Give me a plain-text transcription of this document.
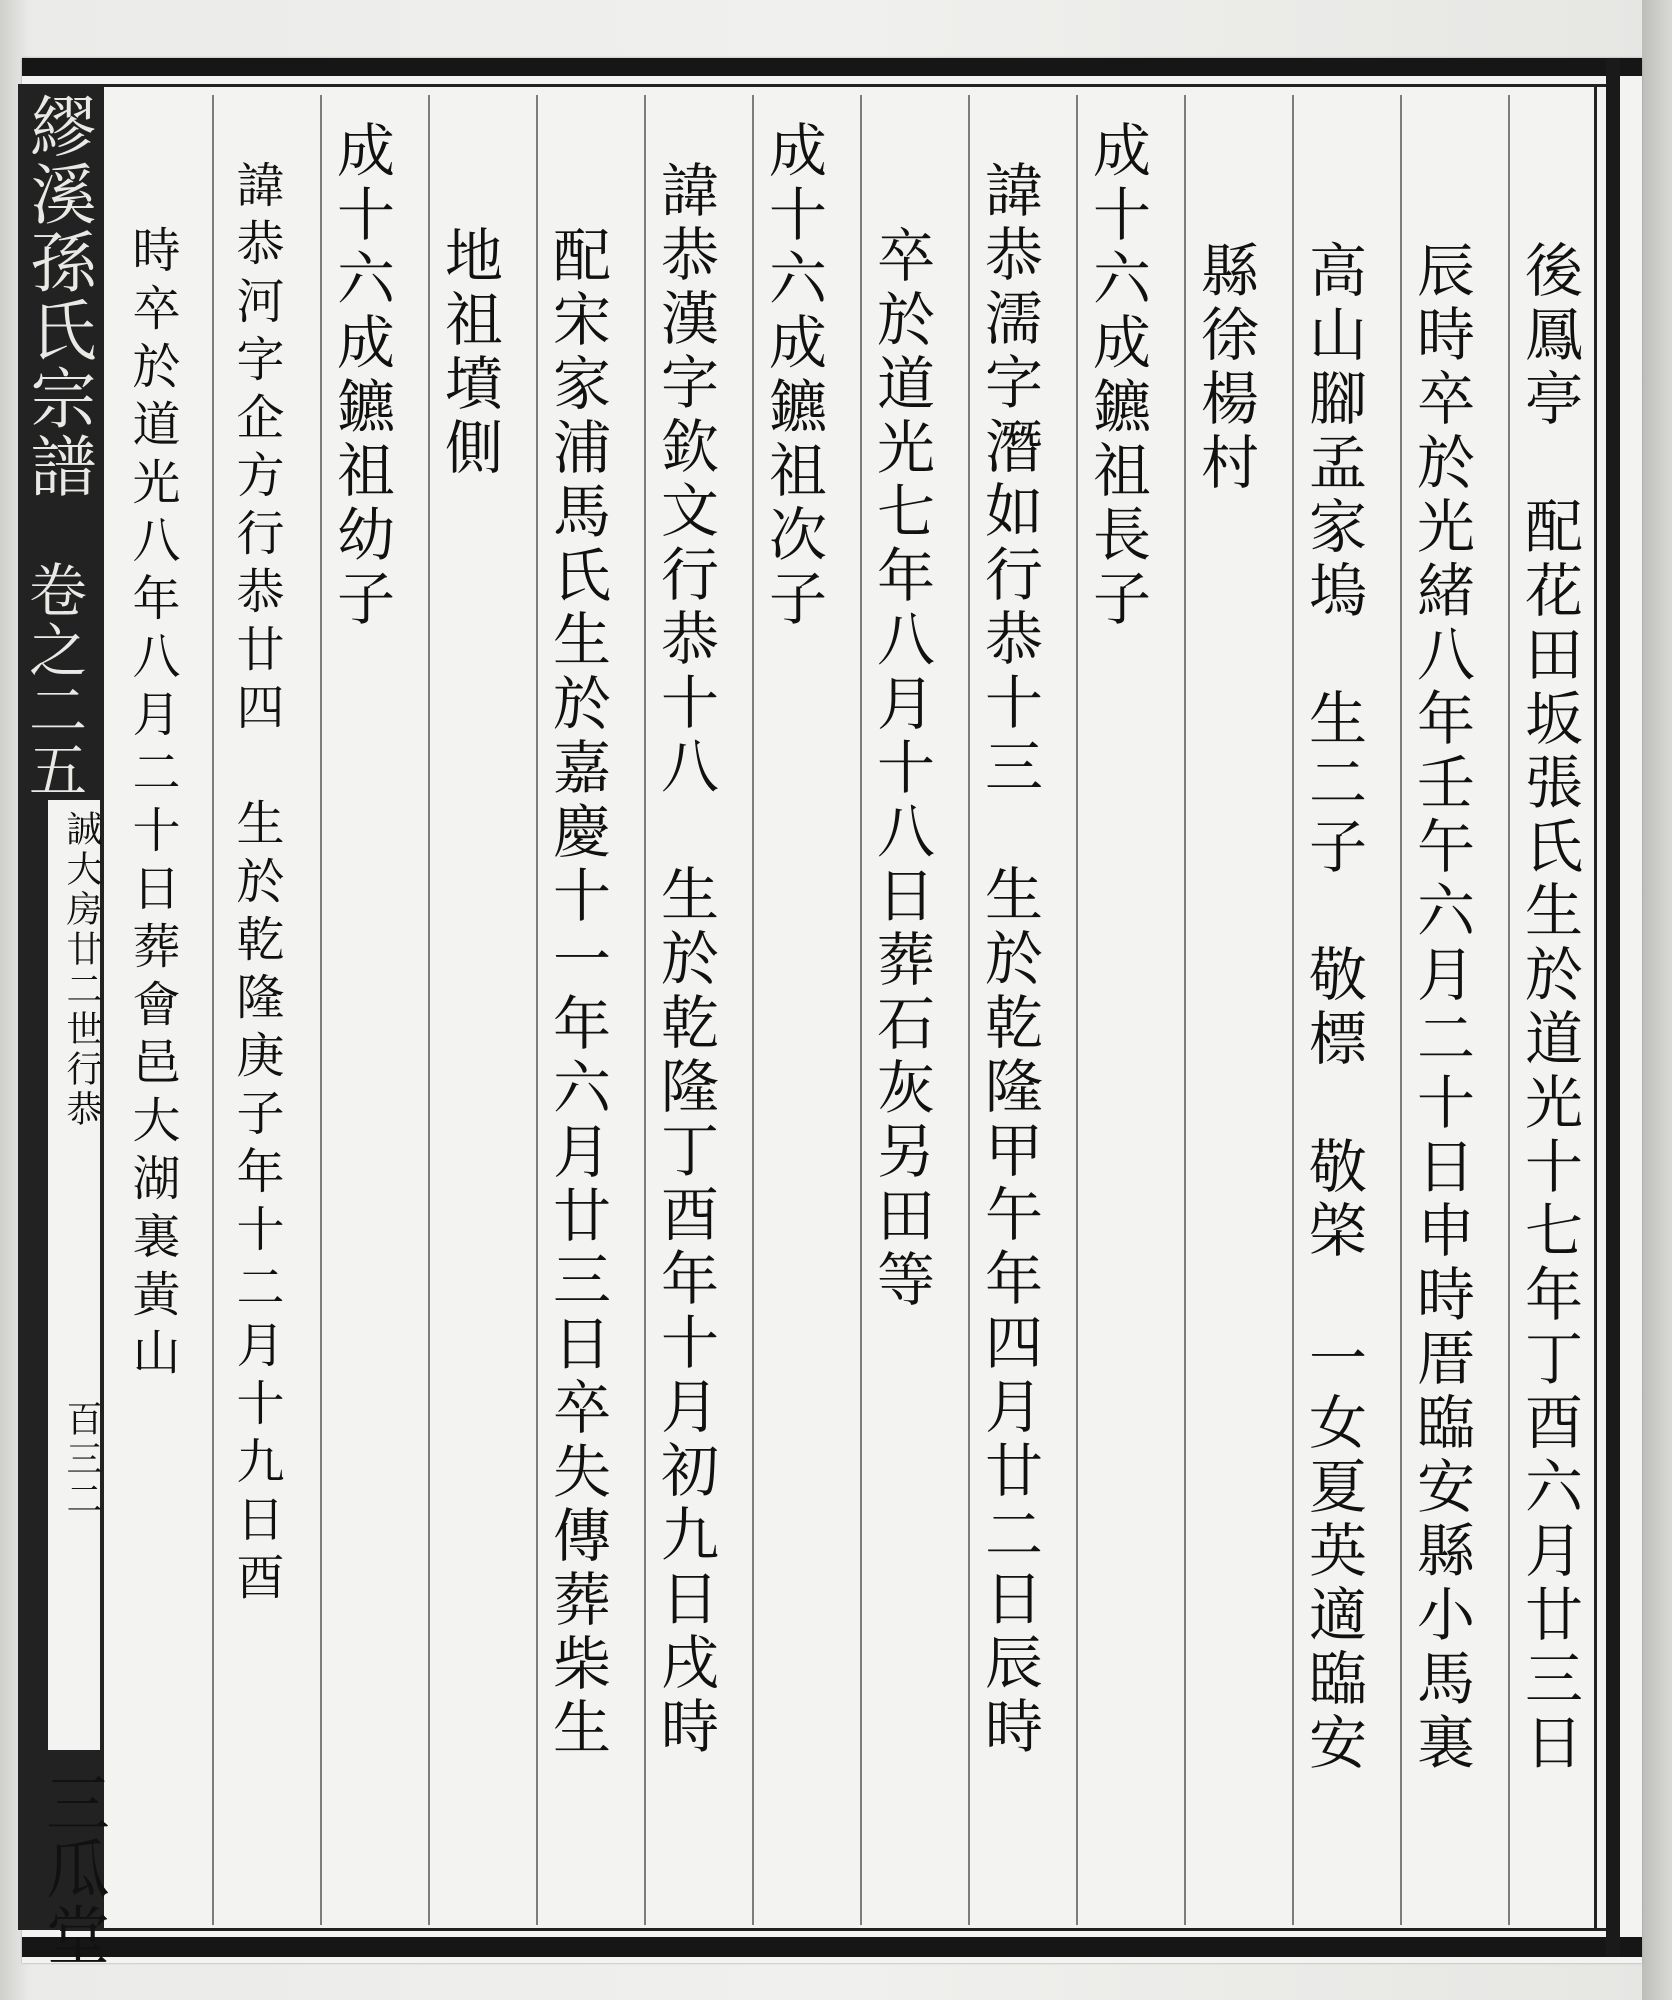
繆溪孫氏宗譜
誠大房廿二世行恭
百三二
三瓜堂
卷之二五	後鳳亭　配花田坂張氏生於道光十七年丁酉六月廿三日
辰時卒於光緒八年壬午六月二十日申時厝臨安縣小馬裏
高山腳孟家塢　生二子　敬標　敬棨　一女夏英適臨安
縣徐楊村
成十六成鑣祖長子
諱恭濡字潛如行恭十三　生於乾隆甲午年四月廿二日辰時
卒於道光七年八月十八日葬石灰另田等
成十六成鑣祖次子
諱恭漢字欽文行恭十八　生於乾隆丁酉年十月初九日戌時
配宋家浦馬氏生於嘉慶十一年六月廿三日卒失傳葬柴生
地祖墳側
成十六成鑣祖幼子
諱恭河字企方行恭廿四　生於乾隆庚子年十二月十九日酉
時卒於道光八年八月二十日葬會邑大湖裏黃山
